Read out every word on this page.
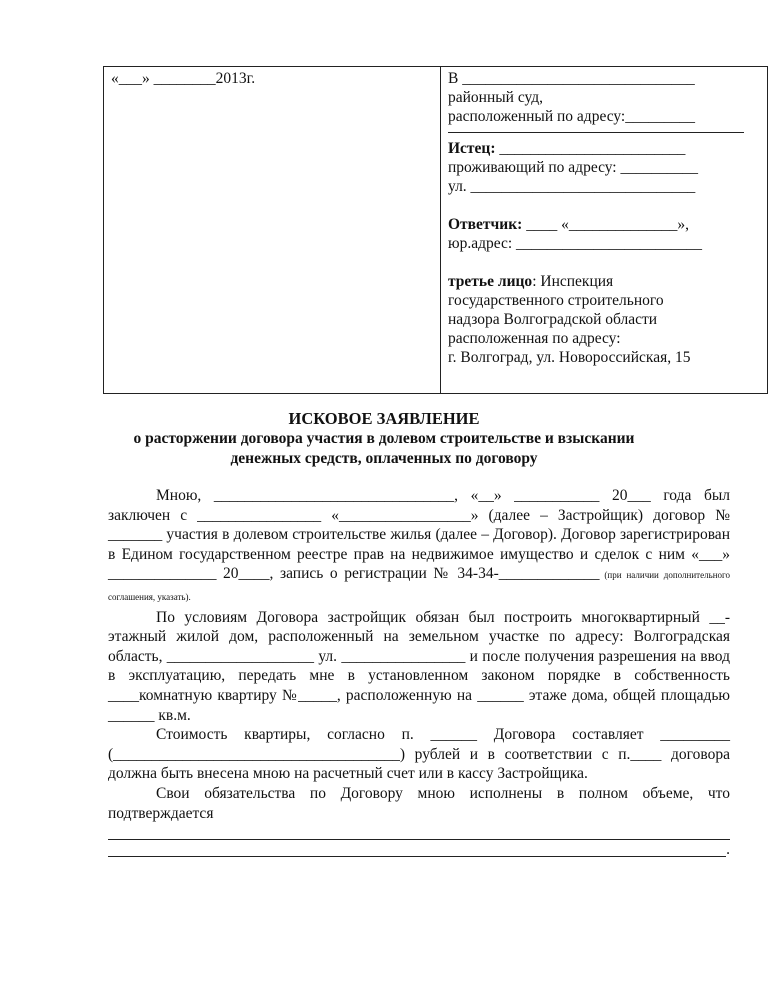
«___» ________2013г.	В ______________________________
районный суд,
расположенный по адресу:_________
Истец: ________________________
проживающий по адресу: __________
ул. _____________________________
Ответчик: ____ «______________»,
юр.адрес: ________________________
третье лицо: Инспекция
государственного строительного
надзора Волгоградской области
расположенная по адресу:
г. Волгоград, ул. Новороссийская, 15
ИСКОВОЕ ЗАЯВЛЕНИЕ
о расторжении договора участия в долевом строительстве и взыскании
денежных средств, оплаченных по договору

Мною, _______________________________, «__» ___________ 20___ года был заключен с ________________ «_________________» (далее – Застройщик) договор № _______ участия в долевом строительстве жилья (далее – Договор). Договор зарегистрирован в Едином государственном реестре прав на недвижимое имущество и сделок с ним «___» ______________ 20____, запись о регистрации № 34-34-_____________ (при наличии дополнительного соглашения, указать).

По условиям Договора застройщик обязан был построить многоквартирный __-этажный жилой дом, расположенный на земельном участке по адресу: Волгоградская область, ___________________ ул. ________________ и после получения разрешения на ввод в эксплуатацию, передать мне в установленном законом порядке в собственность ____комнатную квартиру №_____, расположенную на ______ этаже дома, общей площадью ______ кв.м.

Стоимость квартиры, согласно п. ______ Договора составляет _________ (_____________________________________) рублей и в соответствии с п.____ договора должна быть внесена мною на расчетный счет или в кассу Застройщика.

Свои обязательства по Договору мною исполнены в полном объеме, что подтверждается

.
